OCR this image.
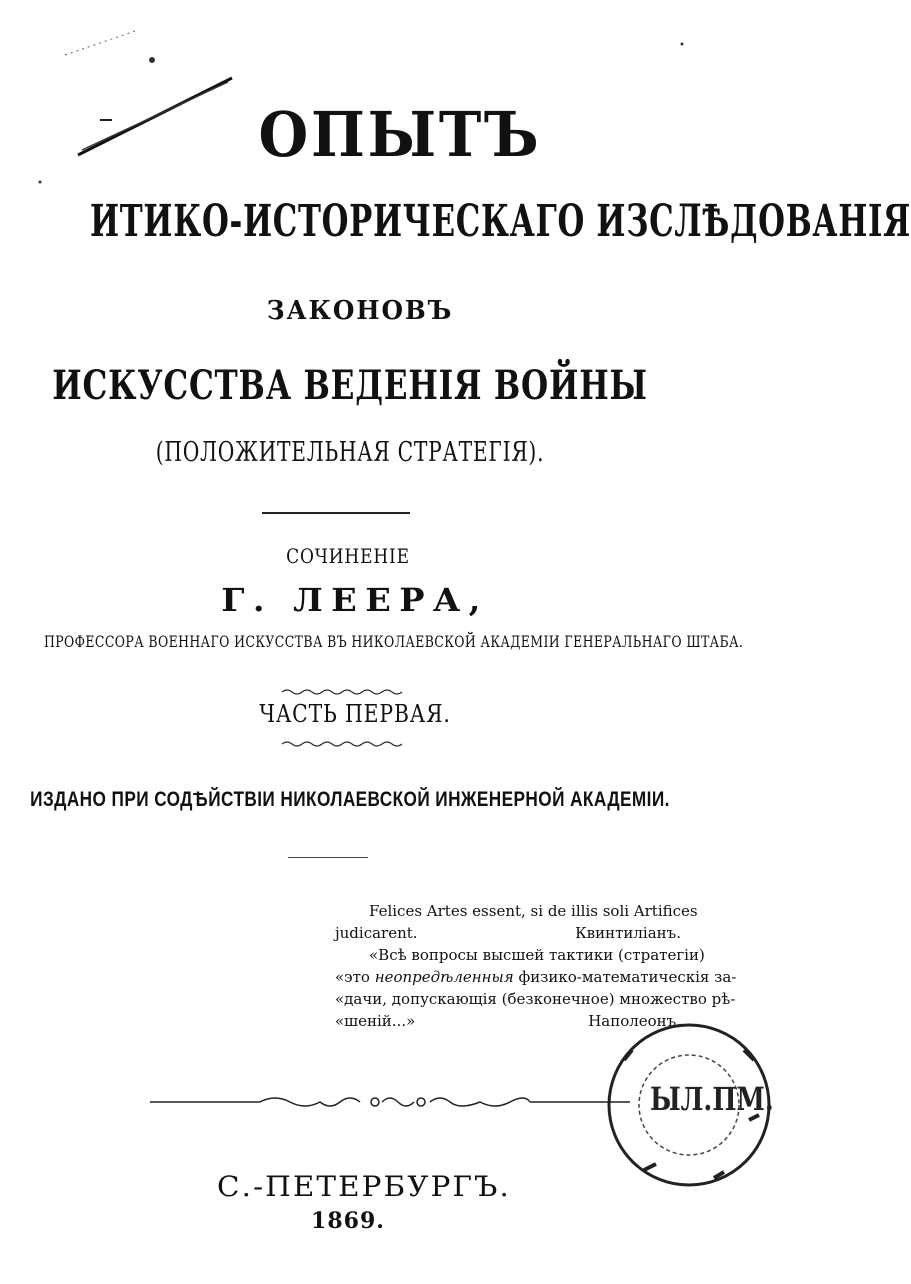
ОПЫТЪ
ИТИКО-ИСТОРИЧЕСКАГО ИЗСЛѢДОВАНІЯ
ЗАКОНОВЪ
ИСКУССТВА ВЕДЕНІЯ ВОЙНЫ
(ПОЛОЖИТЕЛЬНАЯ СТРАТЕГІЯ).
СОЧИНЕНІЕ
Г. ЛЕЕРА,
ПРОФЕССОРА ВОЕННАГО ИСКУССТВА ВЪ НИКОЛАЕВСКОЙ АКАДЕМІИ ГЕНЕРАЛЬНАГО ШТАБА.
ЧАСТЬ ПЕРВАЯ.
ИЗДАНО ПРИ СОДѢЙСТВІИ НИКОЛАЕВСКОЙ ИНЖЕНЕРНОЙ АКАДЕМІИ.
Felices Artes essent, si de illis soli Artifices
judicarent.	Квинтиліанъ.
«Всѣ вопросы высшей тактики (стратегіи)
«это неопредѣленныя физико-математическія за-
«дачи, допускающія (безконечное) множество рѣ-
«шеній...»	Наполеонъ.
С.-ПЕТЕРБУРГЪ.
1869.
ЫЛ.ПМ.
